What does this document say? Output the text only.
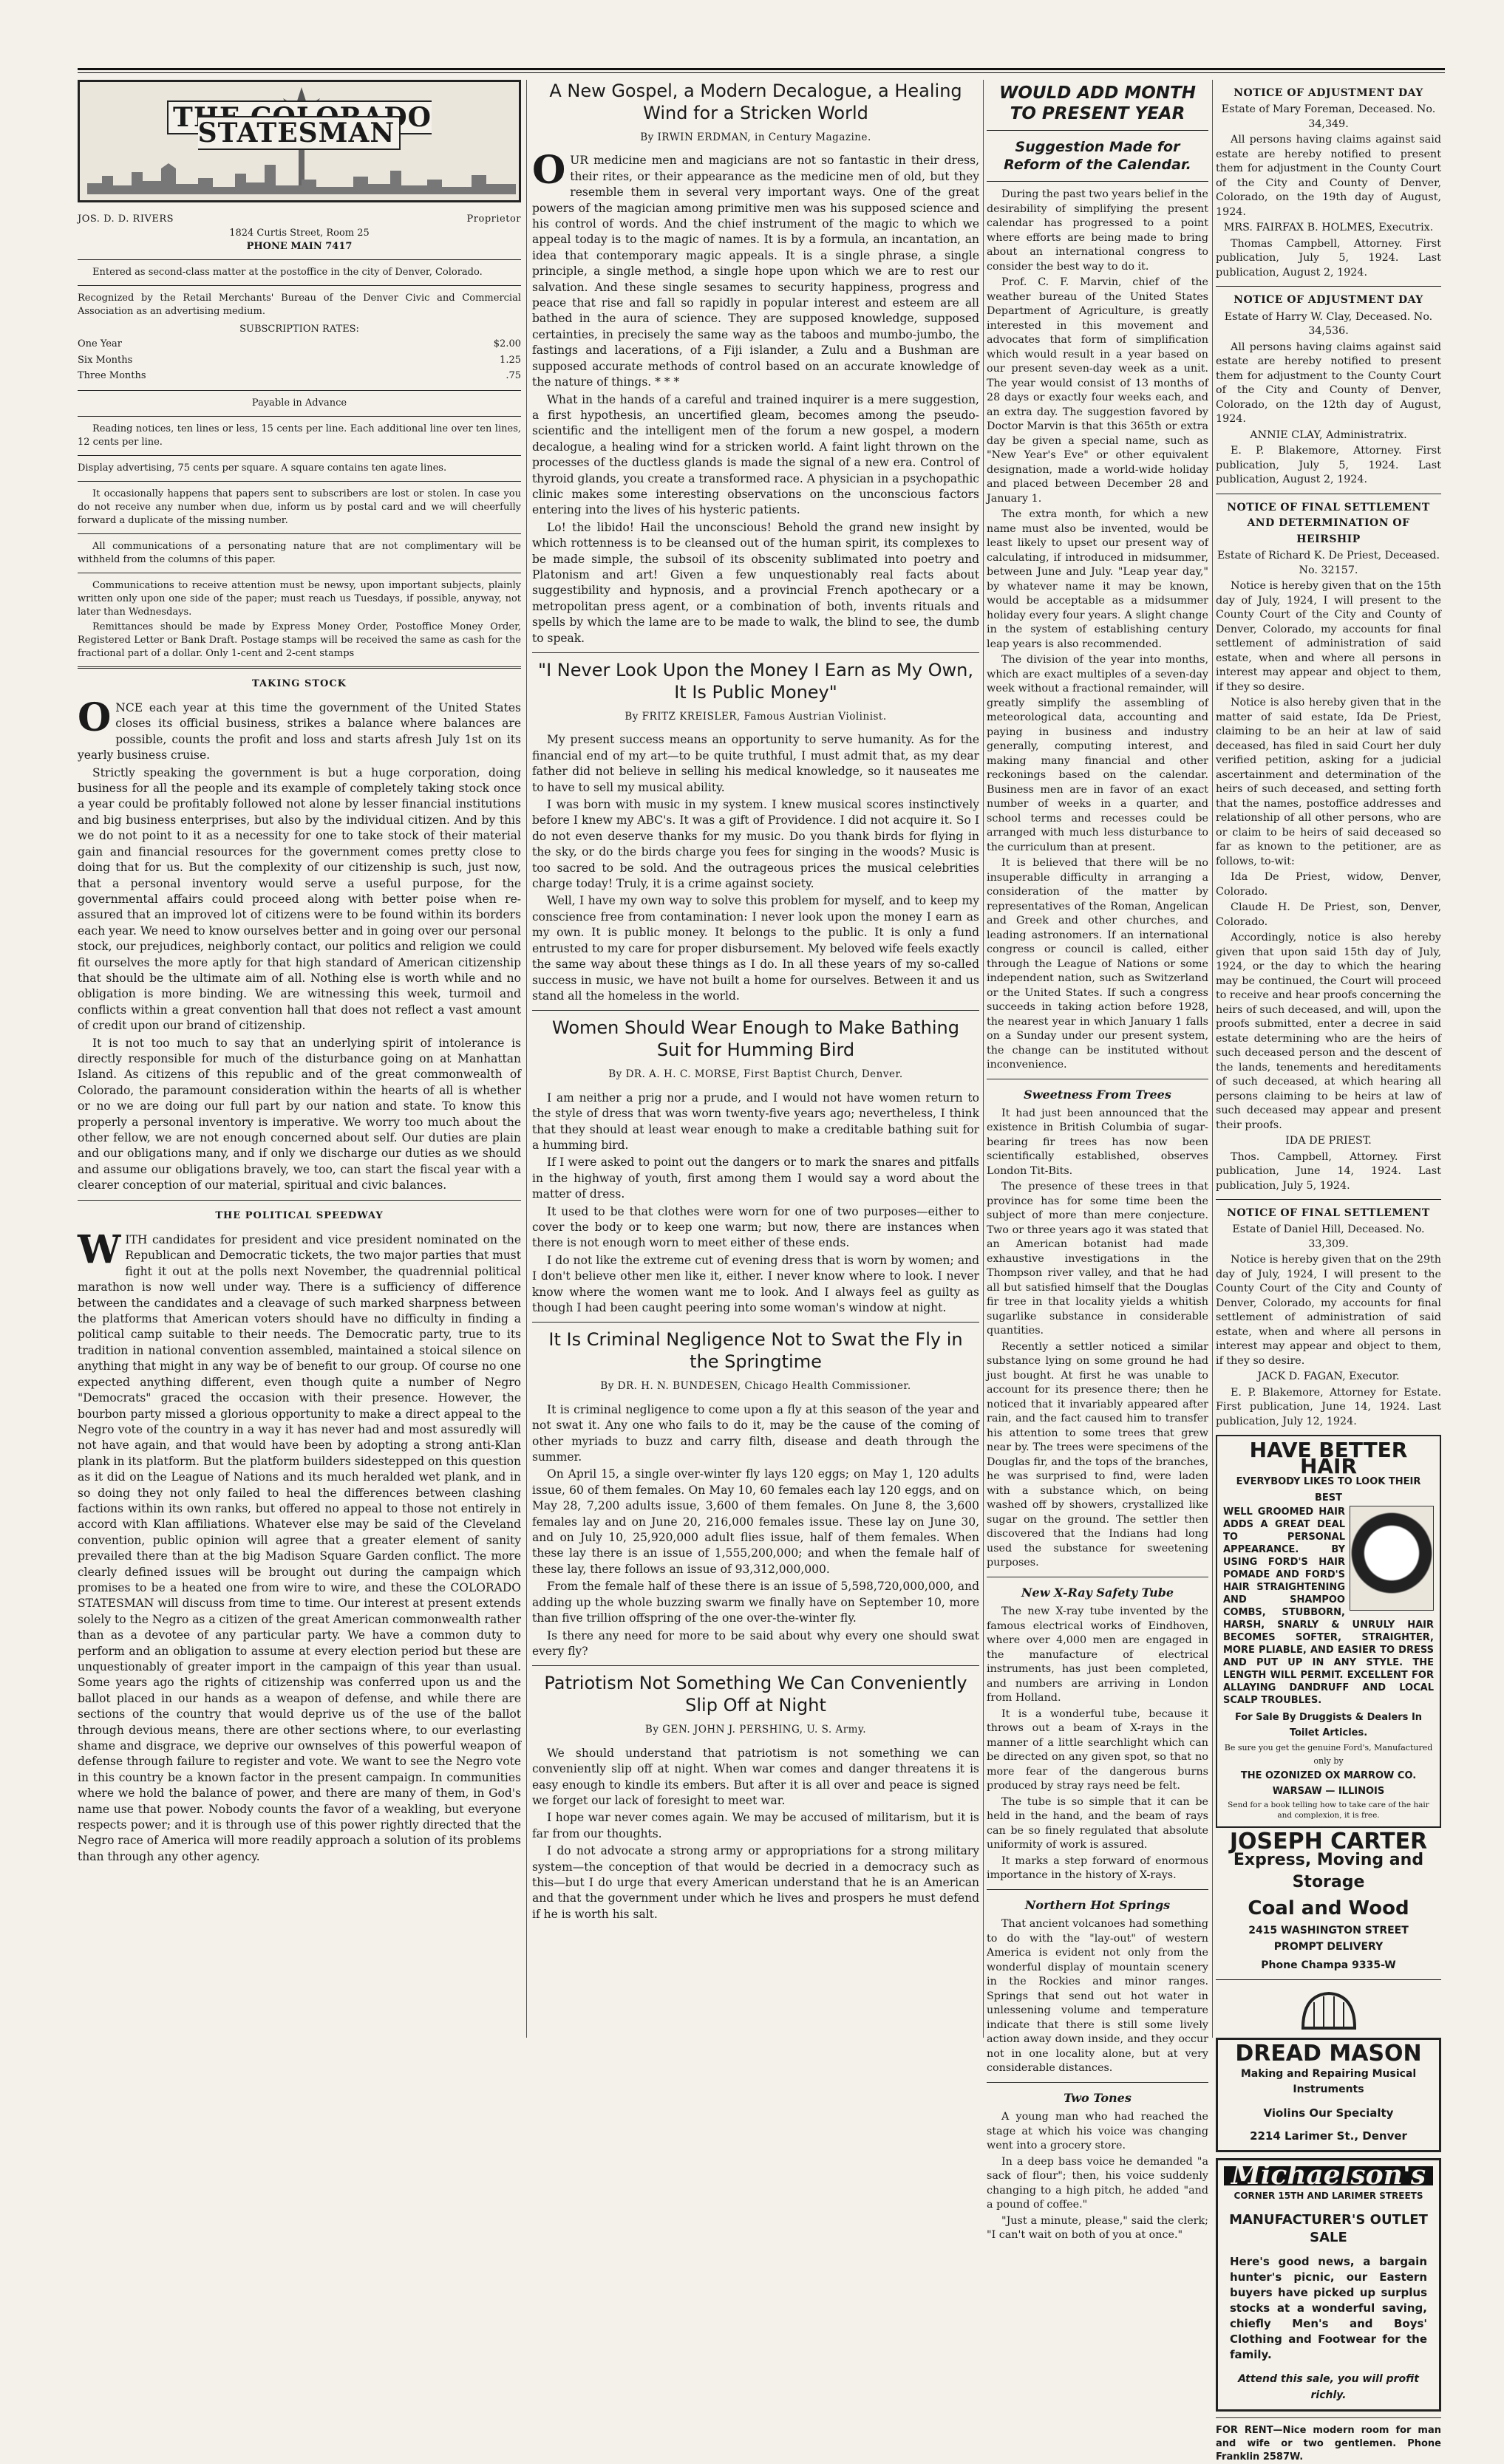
THE COLORADO STATESMAN
JOS. D. D. RIVERS	Proprietor
1824 Curtis Street, Room 25
PHONE MAIN 7417

Entered as second-class matter at the postoffice in the city of Denver, Colorado.

Recognized by the Retail Merchants' Bureau of the Denver Civic and Commercial Association as an advertising medium.

SUBSCRIPTION RATES:
One Year	$2.00
Six Months	1.25
Three Months	.75
Payable in Advance

Reading notices, ten lines or less, 15 cents per line. Each additional line over ten lines, 12 cents per line.

Display advertising, 75 cents per square. A square contains ten agate lines.

It occasionally happens that papers sent to subscribers are lost or stolen. In case you do not receive any number when due, inform us by postal card and we will cheerfully forward a duplicate of the missing number.

All communications of a personating nature that are not complimentary will be withheld from the columns of this paper.

Communications to receive attention must be newsy, upon important subjects, plainly written only upon one side of the paper; must reach us Tuesdays, if possible, anyway, not later than Wednesdays.

Remittances should be made by Express Money Order, Postoffice Money Order, Registered Letter or Bank Draft. Postage stamps will be received the same as cash for the fractional part of a dollar. Only 1-cent and 2-cent stamps

TAKING STOCK

ONCE each year at this time the government of the United States closes its official business, strikes a balance where balances are possible, counts the profit and loss and starts afresh July 1st on its yearly business cruise.

Strictly speaking the government is but a huge corporation, doing business for all the people and its example of completely taking stock once a year could be profitably followed not alone by lesser financial institutions and big business enterprises, but also by the individual citizen. And by this we do not point to it as a necessity for one to take stock of their material gain and financial resources for the government comes pretty close to doing that for us. But the complexity of our citizenship is such, just now, that a personal inventory would serve a useful purpose, for the governmental affairs could proceed along with better poise when re-assured that an improved lot of citizens were to be found within its borders each year. We need to know ourselves better and in going over our personal stock, our prejudices, neighborly contact, our politics and religion we could fit ourselves the more aptly for that high standard of American citizenship that should be the ultimate aim of all. Nothing else is worth while and no obligation is more binding. We are witnessing this week, turmoil and conflicts within a great convention hall that does not reflect a vast amount of credit upon our brand of citizenship.

It is not too much to say that an underlying spirit of intolerance is directly responsible for much of the disturbance going on at Manhattan Island. As citizens of this republic and of the great commonwealth of Colorado, the paramount consideration within the hearts of all is whether or no we are doing our full part by our nation and state. To know this properly a personal inventory is imperative. We worry too much about the other fellow, we are not enough concerned about self. Our duties are plain and our obligations many, and if only we discharge our duties as we should and assume our obligations bravely, we too, can start the fiscal year with a clearer conception of our material, spiritual and civic balances.

THE POLITICAL SPEEDWAY

WITH candidates for president and vice president nominated on the Republican and Democratic tickets, the two major parties that must fight it out at the polls next November, the quadrennial political marathon is now well under way. There is a sufficiency of difference between the candidates and a cleavage of such marked sharpness between the platforms that American voters should have no difficulty in finding a political camp suitable to their needs. The Democratic party, true to its tradition in national convention assembled, maintained a stoical silence on anything that might in any way be of benefit to our group. Of course no one expected anything different, even though quite a number of Negro "Democrats" graced the occasion with their presence. However, the bourbon party missed a glorious opportunity to make a direct appeal to the Negro vote of the country in a way it has never had and most assuredly will not have again, and that would have been by adopting a strong anti-Klan plank in its platform. But the platform builders sidestepped on this question as it did on the League of Nations and its much heralded wet plank, and in so doing they not only failed to heal the differences between clashing factions within its own ranks, but offered no appeal to those not entirely in accord with Klan affiliations. Whatever else may be said of the Cleveland convention, public opinion will agree that a greater element of sanity prevailed there than at the big Madison Square Garden conflict. The more clearly defined issues will be brought out during the campaign which promises to be a heated one from wire to wire, and these the COLORADO STATESMAN will discuss from time to time. Our interest at present extends solely to the Negro as a citizen of the great American commonwealth rather than as a devotee of any particular party. We have a common duty to perform and an obligation to assume at every election period but these are unquestionably of greater import in the campaign of this year than usual. Some years ago the rights of citizenship was conferred upon us and the ballot placed in our hands as a weapon of defense, and while there are sections of the country that would deprive us of the use of the ballot through devious means, there are other sections where, to our everlasting shame and disgrace, we deprive our ownselves of this powerful weapon of defense through failure to register and vote. We want to see the Negro vote in this country be a known factor in the present campaign. In communities where we hold the balance of power, and there are many of them, in God's name use that power. Nobody counts the favor of a weakling, but everyone respects power; and it is through use of this power rightly directed that the Negro race of America will more readily approach a solution of its problems than through any other agency.

A New Gospel, a Modern Decalogue, a Healing Wind for a Stricken World
By IRWIN ERDMAN, in Century Magazine.

OUR medicine men and magicians are not so fantastic in their dress, their rites, or their appearance as the medicine men of old, but they resemble them in several very important ways. One of the great powers of the magician among primitive men was his supposed science and his control of words. And the chief instrument of the magic to which we appeal today is to the magic of names. It is by a formula, an incantation, an idea that contemporary magic appeals. It is a single phrase, a single principle, a single method, a single hope upon which we are to rest our salvation. And these single sesames to security happiness, progress and peace that rise and fall so rapidly in popular interest and esteem are all bathed in the aura of science. They are supposed knowledge, supposed certainties, in precisely the same way as the taboos and mumbo-jumbo, the fastings and lacerations, of a Fiji islander, a Zulu and a Bushman are supposed accurate methods of control based on an accurate knowledge of the nature of things. * * *

What in the hands of a careful and trained inquirer is a mere suggestion, a first hypothesis, an uncertified gleam, becomes among the pseudo-scientific and the intelligent men of the forum a new gospel, a modern decalogue, a healing wind for a stricken world. A faint light thrown on the processes of the ductless glands is made the signal of a new era. Control of thyroid glands, you create a transformed race. A physician in a psychopathic clinic makes some interesting observations on the unconscious factors entering into the lives of his hysteric patients.

Lo! the libido! Hail the unconscious! Behold the grand new insight by which rottenness is to be cleansed out of the human spirit, its complexes to be made simple, the subsoil of its obscenity sublimated into poetry and Platonism and art! Given a few unquestionably real facts about suggestibility and hypnosis, and a provincial French apothecary or a metropolitan press agent, or a combination of both, invents rituals and spells by which the lame are to be made to walk, the blind to see, the dumb to speak.

"I Never Look Upon the Money I Earn as My Own, It Is Public Money"
By FRITZ KREISLER, Famous Austrian Violinist.

My present success means an opportunity to serve humanity. As for the financial end of my art—to be quite truthful, I must admit that, as my dear father did not believe in selling his medical knowledge, so it nauseates me to have to sell my musical ability.

I was born with music in my system. I knew musical scores instinctively before I knew my ABC's. It was a gift of Providence. I did not acquire it. So I do not even deserve thanks for my music. Do you thank birds for flying in the sky, or do the birds charge you fees for singing in the woods? Music is too sacred to be sold. And the outrageous prices the musical celebrities charge today! Truly, it is a crime against society.

Well, I have my own way to solve this problem for myself, and to keep my conscience free from contamination: I never look upon the money I earn as my own. It is public money. It belongs to the public. It is only a fund entrusted to my care for proper disbursement. My beloved wife feels exactly the same way about these things as I do. In all these years of my so-called success in music, we have not built a home for ourselves. Between it and us stand all the homeless in the world.

Women Should Wear Enough to Make Bathing Suit for Humming Bird
By DR. A. H. C. MORSE, First Baptist Church, Denver.

I am neither a prig nor a prude, and I would not have women return to the style of dress that was worn twenty-five years ago; nevertheless, I think that they should at least wear enough to make a creditable bathing suit for a humming bird.

If I were asked to point out the dangers or to mark the snares and pitfalls in the highway of youth, first among them I would say a word about the matter of dress.

It used to be that clothes were worn for one of two purposes—either to cover the body or to keep one warm; but now, there are instances when there is not enough worn to meet either of these ends.

I do not like the extreme cut of evening dress that is worn by women; and I don't believe other men like it, either. I never know where to look. I never know where the women want me to look. And I always feel as guilty as though I had been caught peering into some woman's window at night.

It Is Criminal Negligence Not to Swat the Fly in the Springtime
By DR. H. N. BUNDESEN, Chicago Health Commissioner.

It is criminal negligence to come upon a fly at this season of the year and not swat it. Any one who fails to do it, may be the cause of the coming of other myriads to buzz and carry filth, disease and death through the summer.

On April 15, a single over-winter fly lays 120 eggs; on May 1, 120 adults issue, 60 of them females. On May 10, 60 females each lay 120 eggs, and on May 28, 7,200 adults issue, 3,600 of them females. On June 8, the 3,600 females lay and on June 20, 216,000 females issue. These lay on June 30, and on July 10, 25,920,000 adult flies issue, half of them females. When these lay there is an issue of 1,555,200,000; and when the female half of these lay, there follows an issue of 93,312,000,000.

From the female half of these there is an issue of 5,598,720,000,000, and adding up the whole buzzing swarm we finally have on September 10, more than five trillion offspring of the one over-the-winter fly.

Is there any need for more to be said about why every one should swat every fly?

Patriotism Not Something We Can Conveniently Slip Off at Night
By GEN. JOHN J. PERSHING, U. S. Army.

We should understand that patriotism is not something we can conveniently slip off at night. When war comes and danger threatens it is easy enough to kindle its embers. But after it is all over and peace is signed we forget our lack of foresight to meet war.

I hope war never comes again. We may be accused of militarism, but it is far from our thoughts.

I do not advocate a strong army or appropriations for a strong military system—the conception of that would be decried in a democracy such as this—but I do urge that every American understand that he is an American and that the government under which he lives and prospers he must defend if he is worth his salt.

WOULD ADD MONTH TO PRESENT YEAR
Suggestion Made for Reform of the Calendar.

During the past two years belief in the desirability of simplifying the present calendar has progressed to a point where efforts are being made to bring about an international congress to consider the best way to do it.

Prof. C. F. Marvin, chief of the weather bureau of the United States Department of Agriculture, is greatly interested in this movement and advocates that form of simplification which would result in a year based on our present seven-day week as a unit. The year would consist of 13 months of 28 days or exactly four weeks each, and an extra day. The suggestion favored by Doctor Marvin is that this 365th or extra day be given a special name, such as "New Year's Eve" or other equivalent designation, made a world-wide holiday and placed between December 28 and January 1.

The extra month, for which a new name must also be invented, would be least likely to upset our present way of calculating, if introduced in midsummer, between June and July. "Leap year day," by whatever name it may be known, would be acceptable as a midsummer holiday every four years. A slight change in the system of establishing century leap years is also recommended.

The division of the year into months, which are exact multiples of a seven-day week without a fractional remainder, will greatly simplify the assembling of meteorological data, accounting and paying in business and industry generally, computing interest, and making many financial and other reckonings based on the calendar. Business men are in favor of an exact number of weeks in a quarter, and school terms and recesses could be arranged with much less disturbance to the curriculum than at present.

It is believed that there will be no insuperable difficulty in arranging a consideration of the matter by representatives of the Roman, Angelican and Greek and other churches, and leading astronomers. If an international congress or council is called, either through the League of Nations or some independent nation, such as Switzerland or the United States. If such a congress succeeds in taking action before 1928, the nearest year in which January 1 falls on a Sunday under our present system, the change can be instituted without inconvenience.

Sweetness From Trees

It had just been announced that the existence in British Columbia of sugar-bearing fir trees has now been scientifically established, observes London Tit-Bits.

The presence of these trees in that province has for some time been the subject of more than mere conjecture. Two or three years ago it was stated that an American botanist had made exhaustive investigations in the Thompson river valley, and that he had all but satisfied himself that the Douglas fir tree in that locality yields a whitish sugarlike substance in considerable quantities.

Recently a settler noticed a similar substance lying on some ground he had just bought. At first he was unable to account for its presence there; then he noticed that it invariably appeared after rain, and the fact caused him to transfer his attention to some trees that grew near by. The trees were specimens of the Douglas fir, and the tops of the branches, he was surprised to find, were laden with a substance which, on being washed off by showers, crystallized like sugar on the ground. The settler then discovered that the Indians had long used the substance for sweetening purposes.

New X-Ray Safety Tube

The new X-ray tube invented by the famous electrical works of Eindhoven, where over 4,000 men are engaged in the manufacture of electrical instruments, has just been completed, and numbers are arriving in London from Holland.

It is a wonderful tube, because it throws out a beam of X-rays in the manner of a little searchlight which can be directed on any given spot, so that no more fear of the dangerous burns produced by stray rays need be felt.

The tube is so simple that it can be held in the hand, and the beam of rays can be so finely regulated that absolute uniformity of work is assured.

It marks a step forward of enormous importance in the history of X-rays.

Northern Hot Springs

That ancient volcanoes had something to do with the "lay-out" of western America is evident not only from the wonderful display of mountain scenery in the Rockies and minor ranges. Springs that send out hot water in unlessening volume and temperature indicate that there is still some lively action away down inside, and they occur not in one locality alone, but at very considerable distances.

Two Tones

A young man who had reached the stage at which his voice was changing went into a grocery store.

In a deep bass voice he demanded "a sack of flour"; then, his voice suddenly changing to a high pitch, he added "and a pound of coffee."

"Just a minute, please," said the clerk; "I can't wait on both of you at once."

NOTICE OF ADJUSTMENT DAY

Estate of Mary Foreman, Deceased. No. 34,349.

All persons having claims against said estate are hereby notified to present them for adjustment in the County Court of the City and County of Denver, Colorado, on the 19th day of August, 1924.

MRS. FAIRFAX B. HOLMES, Executrix.

Thomas Campbell, Attorney. First publication, July 5, 1924. Last publication, August 2, 1924.

NOTICE OF ADJUSTMENT DAY

Estate of Harry W. Clay, Deceased. No. 34,536.

All persons having claims against said estate are hereby notified to present them for adjustment to the County Court of the City and County of Denver, Colorado, on the 12th day of August, 1924.

ANNIE CLAY, Administratrix.

E. P. Blakemore, Attorney. First publication, July 5, 1924. Last publication, August 2, 1924.

NOTICE OF FINAL SETTLEMENT AND DETERMINATION OF HEIRSHIP

Estate of Richard K. De Priest, Deceased. No. 32157.

Notice is hereby given that on the 15th day of July, 1924, I will present to the County Court of the City and County of Denver, Colorado, my accounts for final settlement of administration of said estate, when and where all persons in interest may appear and object to them, if they so desire.

Notice is also hereby given that in the matter of said estate, Ida De Priest, claiming to be an heir at law of said deceased, has filed in said Court her duly verified petition, asking for a judicial ascertainment and determination of the heirs of such deceased, and setting forth that the names, postoffice addresses and relationship of all other persons, who are or claim to be heirs of said deceased so far as known to the petitioner, are as follows, to-wit:

Ida De Priest, widow, Denver, Colorado.

Claude H. De Priest, son, Denver, Colorado.

Accordingly, notice is also hereby given that upon said 15th day of July, 1924, or the day to which the hearing may be continued, the Court will proceed to receive and hear proofs concerning the heirs of such deceased, and will, upon the proofs submitted, enter a decree in said estate determining who are the heirs of such deceased person and the descent of the lands, tenements and hereditaments of such deceased, at which hearing all persons claiming to be heirs at law of such deceased may appear and present their proofs.

IDA DE PRIEST.

Thos. Campbell, Attorney. First publication, June 14, 1924. Last publication, July 5, 1924.

NOTICE OF FINAL SETTLEMENT

Estate of Daniel Hill, Deceased. No. 33,309.

Notice is hereby given that on the 29th day of July, 1924, I will present to the County Court of the City and County of Denver, Colorado, my accounts for final settlement of administration of said estate, when and where all persons in interest may appear and object to them, if they so desire.

JACK D. FAGAN, Executor.

E. P. Blakemore, Attorney for Estate. First publication, June 14, 1924. Last publication, July 12, 1924.

HAVE BETTER HAIR
EVERYBODY LIKES TO LOOK THEIR BEST
WELL GROOMED HAIR ADDS A GREAT DEAL TO PERSONAL APPEARANCE. BY USING FORD'S HAIR POMADE AND FORD'S HAIR STRAIGHTENING AND SHAMPOO COMBS, STUBBORN, HARSH, SNARLY & UNRULY HAIR BECOMES SOFTER, STRAIGHTER, MORE PLIABLE, AND EASIER TO DRESS AND PUT UP IN ANY STYLE. THE LENGTH WILL PERMIT. EXCELLENT FOR ALLAYING DANDRUFF AND LOCAL SCALP TROUBLES.
For Sale By Druggists & Dealers In Toilet Articles.
Be sure you get the genuine Ford's, Manufactured only by
THE OZONIZED OX MARROW CO. WARSAW — ILLINOIS
Send for a book telling how to take care of the hair and complexion, it is free.
JOSEPH CARTER
Express, Moving and Storage
Coal and Wood
2415 WASHINGTON STREET
PROMPT DELIVERY
Phone Champa 9335-W
DREAD MASON
Making and Repairing Musical Instruments
Violins Our Specialty
2214 Larimer St., Denver
Michaelson's
CORNER 15TH AND LARIMER STREETS
MANUFACTURER'S OUTLET SALE
Here's good news, a bargain hunter's picnic, our Eastern buyers have picked up surplus stocks at a wonderful saving, chiefly Men's and Boys' Clothing and Footwear for the family.
Attend this sale, you will profit richly.

FOR RENT—Nice modern room for man and wife or two gentlemen. Phone Franklin 2587W.
